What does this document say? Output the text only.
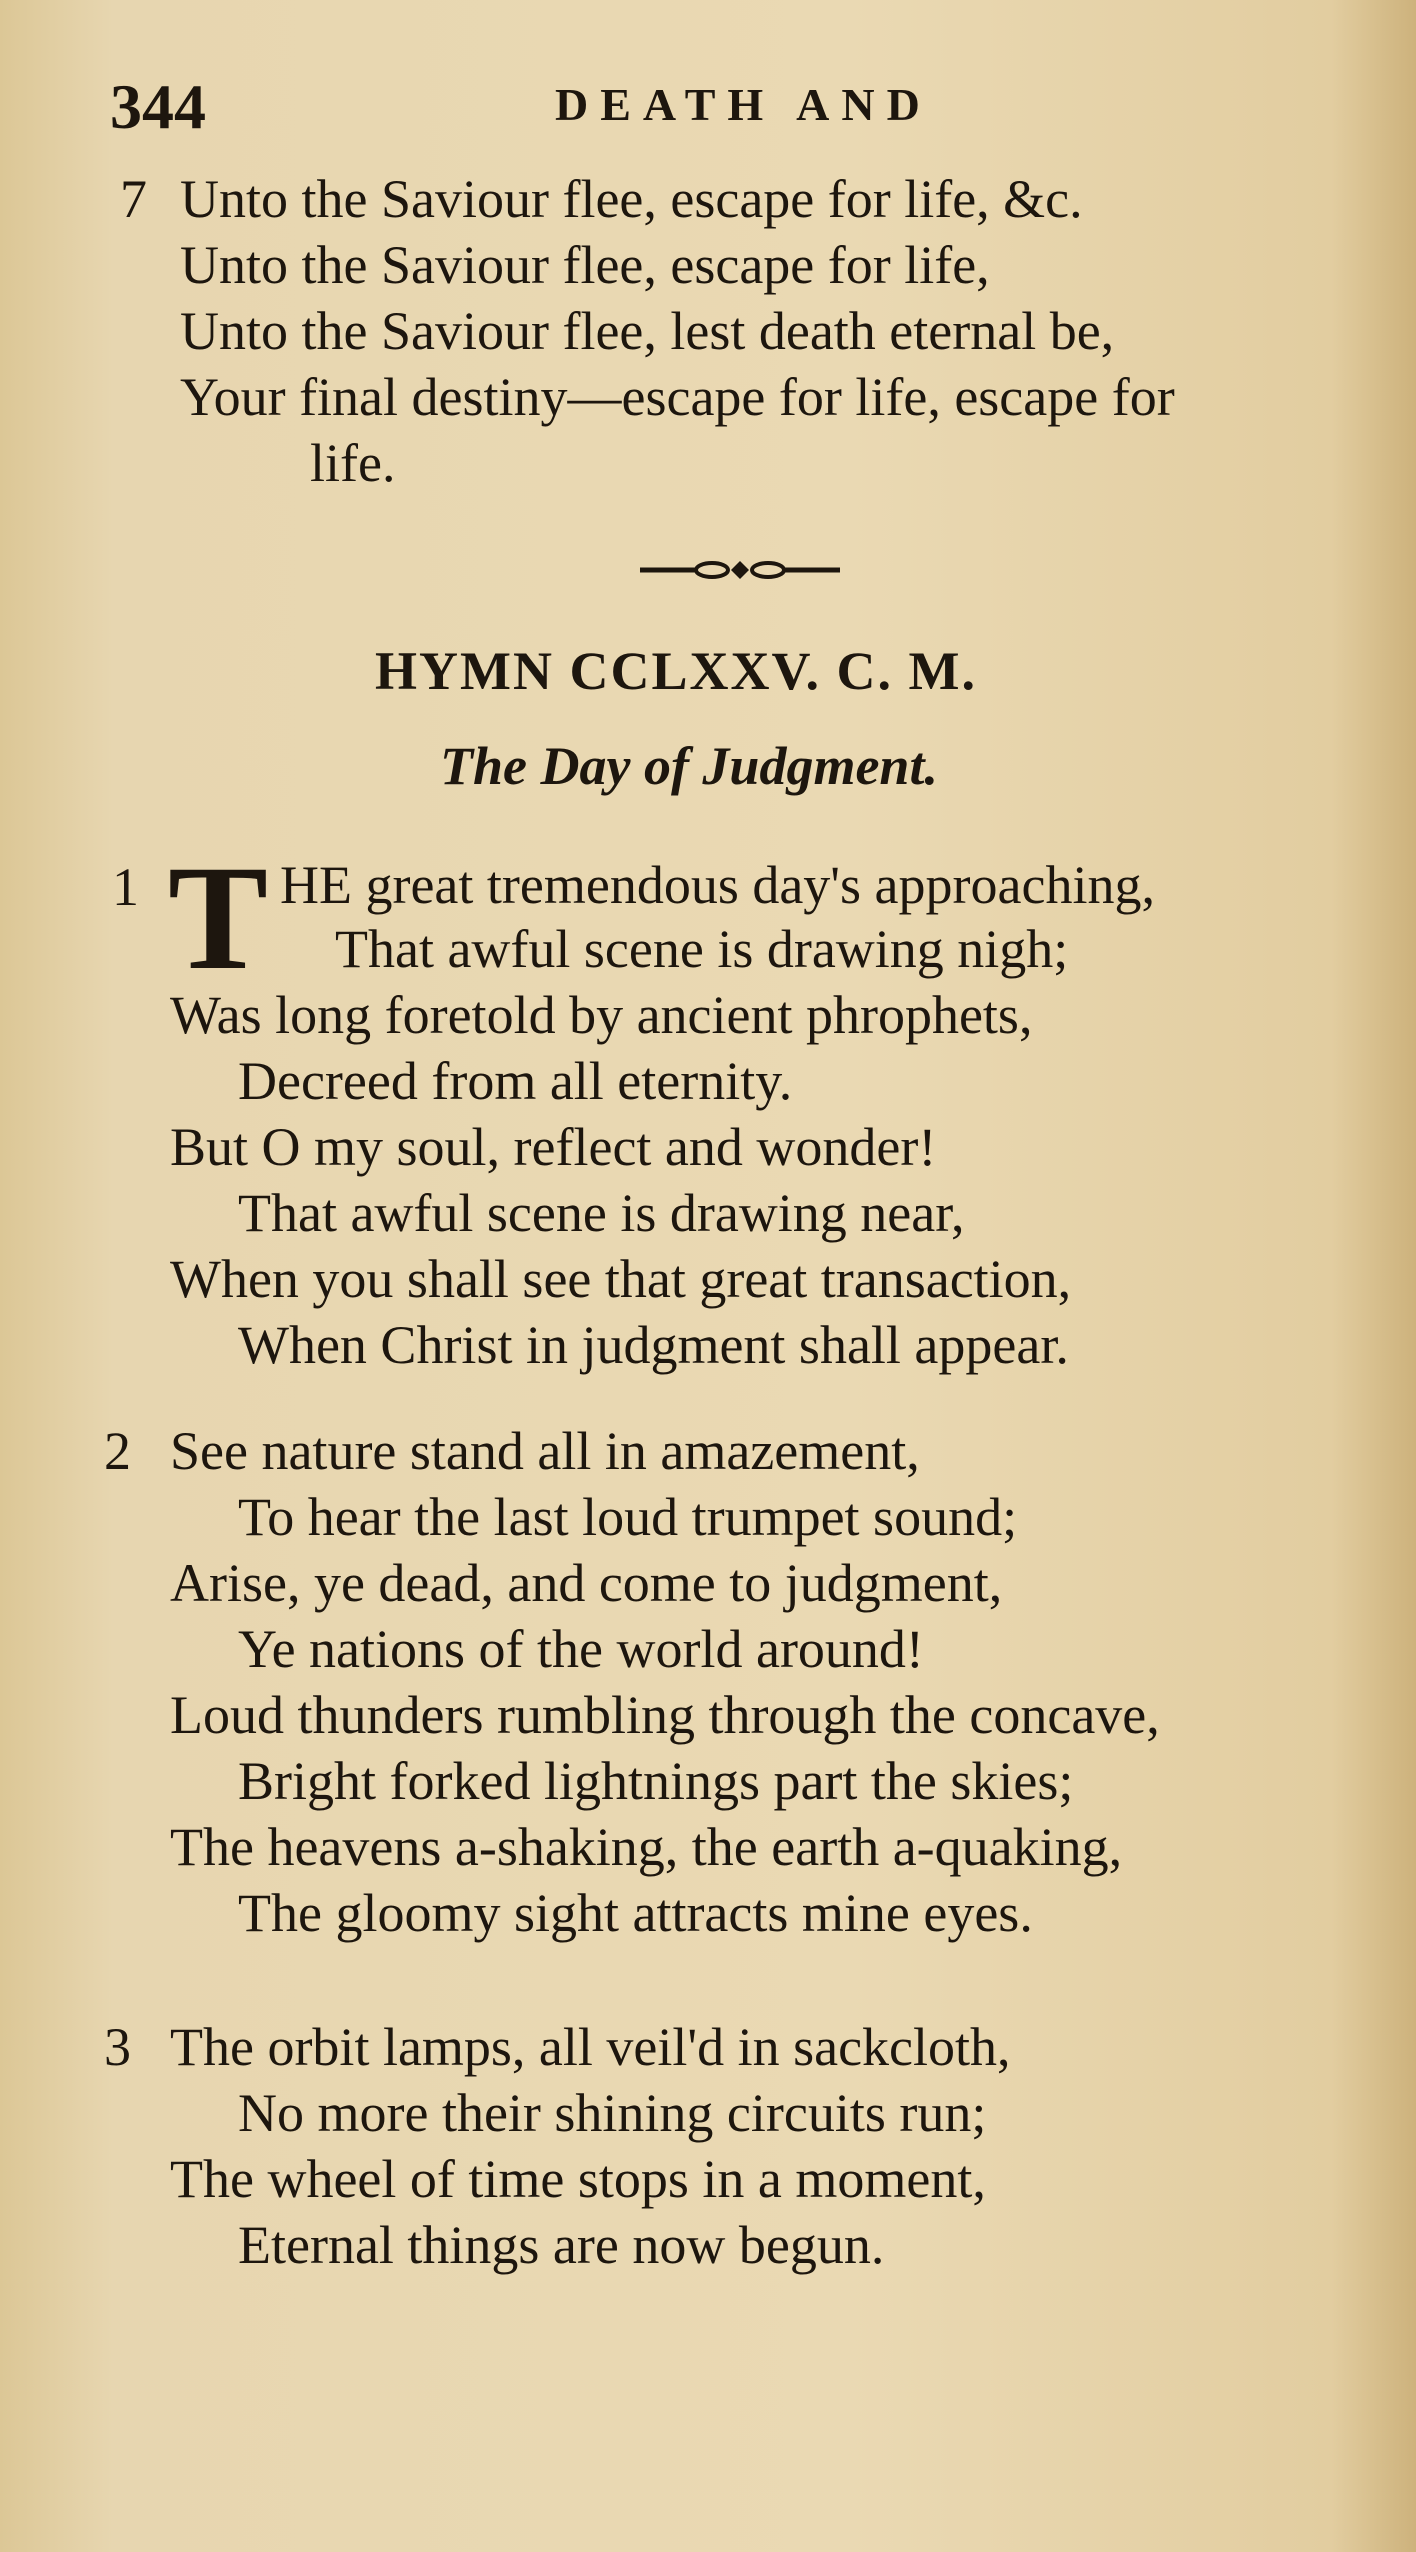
344	DEATH AND
7 Unto the Saviour flee, escape for life, &c.
Unto the Saviour flee, escape for life,
Unto the Saviour flee, lest death eternal be,
Your final destiny—escape for life, escape for
life.
HYMN CCLXXV. C. M.
The Day of Judgment.
1 T HE great tremendous day's approaching,
That awful scene is drawing nigh;
Was long foretold by ancient phrophets,
Decreed from all eternity.
But O my soul, reflect and wonder!
That awful scene is drawing near,
When you shall see that great transaction,
When Christ in judgment shall appear.
2 See nature stand all in amazement,
To hear the last loud trumpet sound;
Arise, ye dead, and come to judgment,
Ye nations of the world around!
Loud thunders rumbling through the concave,
Bright forked lightnings part the skies;
The heavens a-shaking, the earth a-quaking,
The gloomy sight attracts mine eyes.
3 The orbit lamps, all veil'd in sackcloth,
No more their shining circuits run;
The wheel of time stops in a moment,
Eternal things are now begun.
